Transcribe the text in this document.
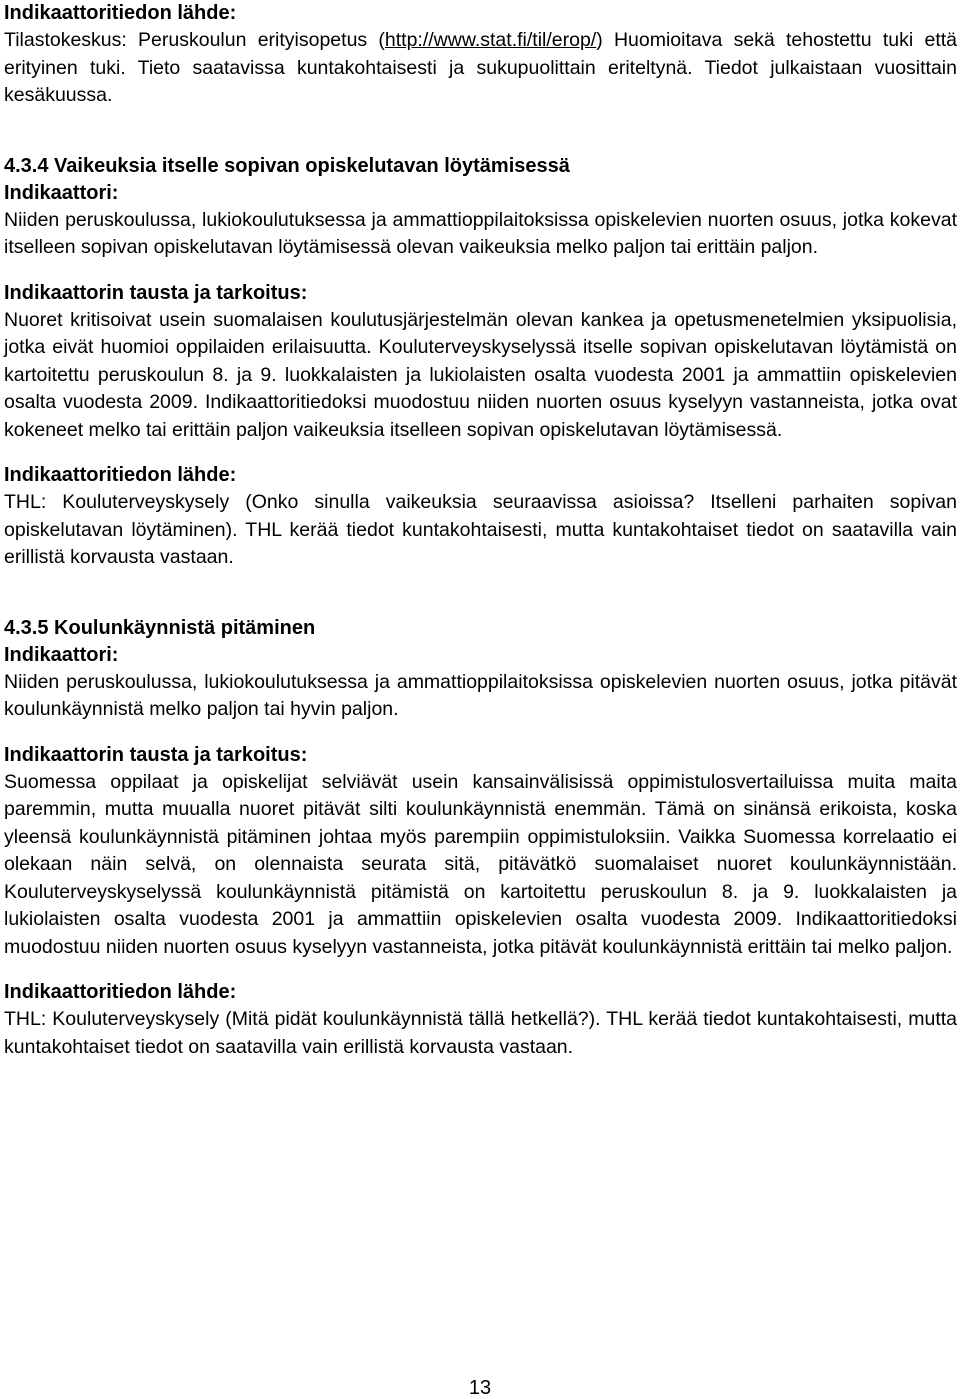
Indikaattoritiedon lähde:

Tilastokeskus: Peruskoulun erityisopetus (http://www.stat.fi/til/erop/) Huomioitava sekä tehostettu tuki että erityinen tuki. Tieto saatavissa kuntakohtaisesti ja sukupuolittain eriteltynä. Tiedot julkaistaan vuosittain kesäkuussa.

4.3.4 Vaikeuksia itselle sopivan opiskelutavan löytämisessä

Indikaattori:

Niiden peruskoulussa, lukiokoulutuksessa ja ammattioppilaitoksissa opiskelevien nuorten osuus, jotka kokevat itselleen sopivan opiskelutavan löytämisessä olevan vaikeuksia melko paljon tai erittäin paljon.

Indikaattorin tausta ja tarkoitus:

Nuoret kritisoivat usein suomalaisen koulutusjärjestelmän olevan kankea ja opetusmenetelmien yksipuolisia, jotka eivät huomioi oppilaiden erilaisuutta. Kouluterveyskyselyssä itselle sopivan opiskelutavan löytämistä on kartoitettu peruskoulun 8. ja 9. luokkalaisten ja lukiolaisten osalta vuodesta 2001 ja ammattiin opiskelevien osalta vuodesta 2009. Indikaattoritiedoksi muodostuu niiden nuorten osuus kyselyyn vastanneista, jotka ovat kokeneet melko tai erittäin paljon vaikeuksia itselleen sopivan opiskelutavan löytämisessä.

Indikaattoritiedon lähde:

THL: Kouluterveyskysely (Onko sinulla vaikeuksia seuraavissa asioissa? Itselleni parhaiten sopivan opiskelutavan löytäminen). THL kerää tiedot kuntakohtaisesti, mutta kuntakohtaiset tiedot on saatavilla vain erillistä korvausta vastaan.

4.3.5 Koulunkäynnistä pitäminen

Indikaattori:

Niiden peruskoulussa, lukiokoulutuksessa ja ammattioppilaitoksissa opiskelevien nuorten osuus, jotka pitävät koulunkäynnistä melko paljon tai hyvin paljon.

Indikaattorin tausta ja tarkoitus:

Suomessa oppilaat ja opiskelijat selviävät usein kansainvälisissä oppimistulosvertailuissa muita maita paremmin, mutta muualla nuoret pitävät silti koulunkäynnistä enemmän. Tämä on sinänsä erikoista, koska yleensä koulunkäynnistä pitäminen johtaa myös parempiin oppimistuloksiin. Vaikka Suomessa korrelaatio ei olekaan näin selvä, on olennaista seurata sitä, pitävätkö suomalaiset nuoret koulunkäynnistään. Kouluterveyskyselyssä koulunkäynnistä pitämistä on kartoitettu peruskoulun 8. ja 9. luokkalaisten ja lukiolaisten osalta vuodesta 2001 ja ammattiin opiskelevien osalta vuodesta 2009. Indikaattoritiedoksi muodostuu niiden nuorten osuus kyselyyn vastanneista, jotka pitävät koulunkäynnistä erittäin tai melko paljon.

Indikaattoritiedon lähde:

THL: Kouluterveyskysely (Mitä pidät koulunkäynnistä tällä hetkellä?). THL kerää tiedot kuntakohtaisesti, mutta kuntakohtaiset tiedot on saatavilla vain erillistä korvausta vastaan.

13
